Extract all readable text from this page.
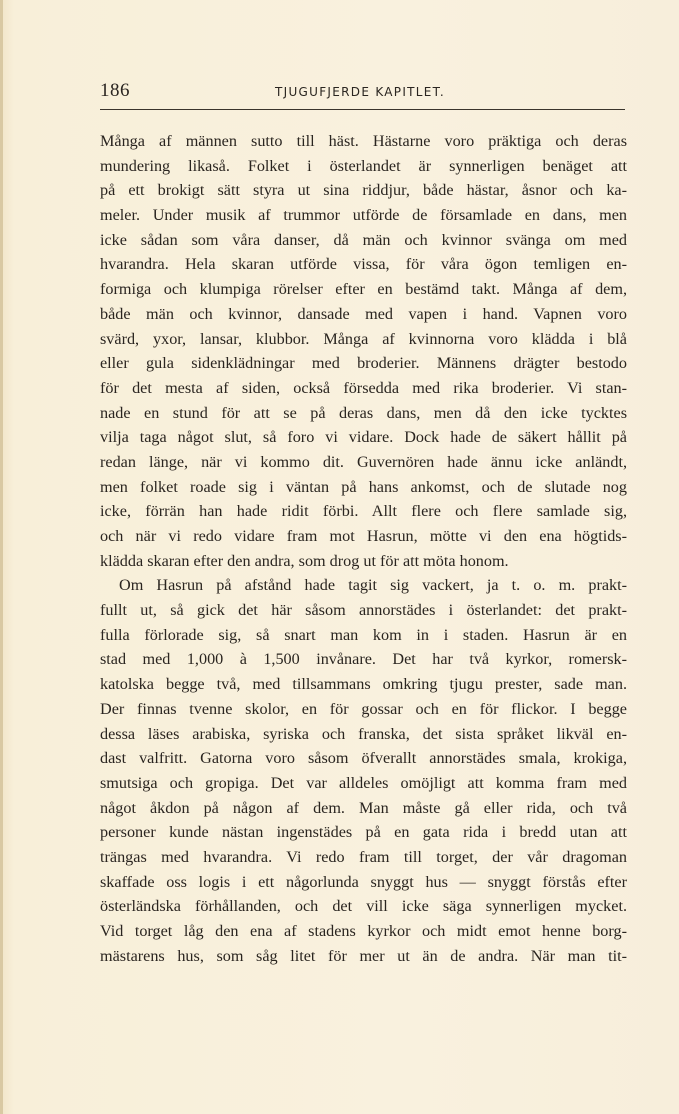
186	TJUGUFJERDE KAPITLET.
Många af männen sutto till häst. Hästarne voro präktiga och deras
mundering likaså. Folket i österlandet är synnerligen benäget att
på ett brokigt sätt styra ut sina riddjur, både hästar, åsnor och ka-
meler. Under musik af trummor utförde de församlade en dans, men
icke sådan som våra danser, då män och kvinnor svänga om med
hvarandra. Hela skaran utförde vissa, för våra ögon temligen en-
formiga och klumpiga rörelser efter en bestämd takt. Många af dem,
både män och kvinnor, dansade med vapen i hand. Vapnen voro
svärd, yxor, lansar, klubbor. Många af kvinnorna voro klädda i blå
eller gula sidenklädningar med broderier. Männens drägter bestodo
för det mesta af siden, också försedda med rika broderier. Vi stan-
nade en stund för att se på deras dans, men då den icke tycktes
vilja taga något slut, så foro vi vidare. Dock hade de säkert hållit på
redan länge, när vi kommo dit. Guvernören hade ännu icke anländt,
men folket roade sig i väntan på hans ankomst, och de slutade nog
icke, förrän han hade ridit förbi. Allt flere och flere samlade sig,
och när vi redo vidare fram mot Hasrun, mötte vi den ena högtids-
klädda skaran efter den andra, som drog ut för att möta honom.
Om Hasrun på afstånd hade tagit sig vackert, ja t. o. m. prakt-
fullt ut, så gick det här såsom annorstädes i österlandet: det prakt-
fulla förlorade sig, så snart man kom in i staden. Hasrun är en
stad med 1,000 à 1,500 invånare. Det har två kyrkor, romersk-
katolska begge två, med tillsammans omkring tjugu prester, sade man.
Der finnas tvenne skolor, en för gossar och en för flickor. I begge
dessa läses arabiska, syriska och franska, det sista språket likväl en-
dast valfritt. Gatorna voro såsom öfverallt annorstädes smala, krokiga,
smutsiga och gropiga. Det var alldeles omöjligt att komma fram med
något åkdon på någon af dem. Man måste gå eller rida, och två
personer kunde nästan ingenstädes på en gata rida i bredd utan att
trängas med hvarandra. Vi redo fram till torget, der vår dragoman
skaffade oss logis i ett någorlunda snyggt hus — snyggt förstås efter
österländska förhållanden, och det vill icke säga synnerligen mycket.
Vid torget låg den ena af stadens kyrkor och midt emot henne borg-
mästarens hus, som såg litet för mer ut än de andra. När man tit-
